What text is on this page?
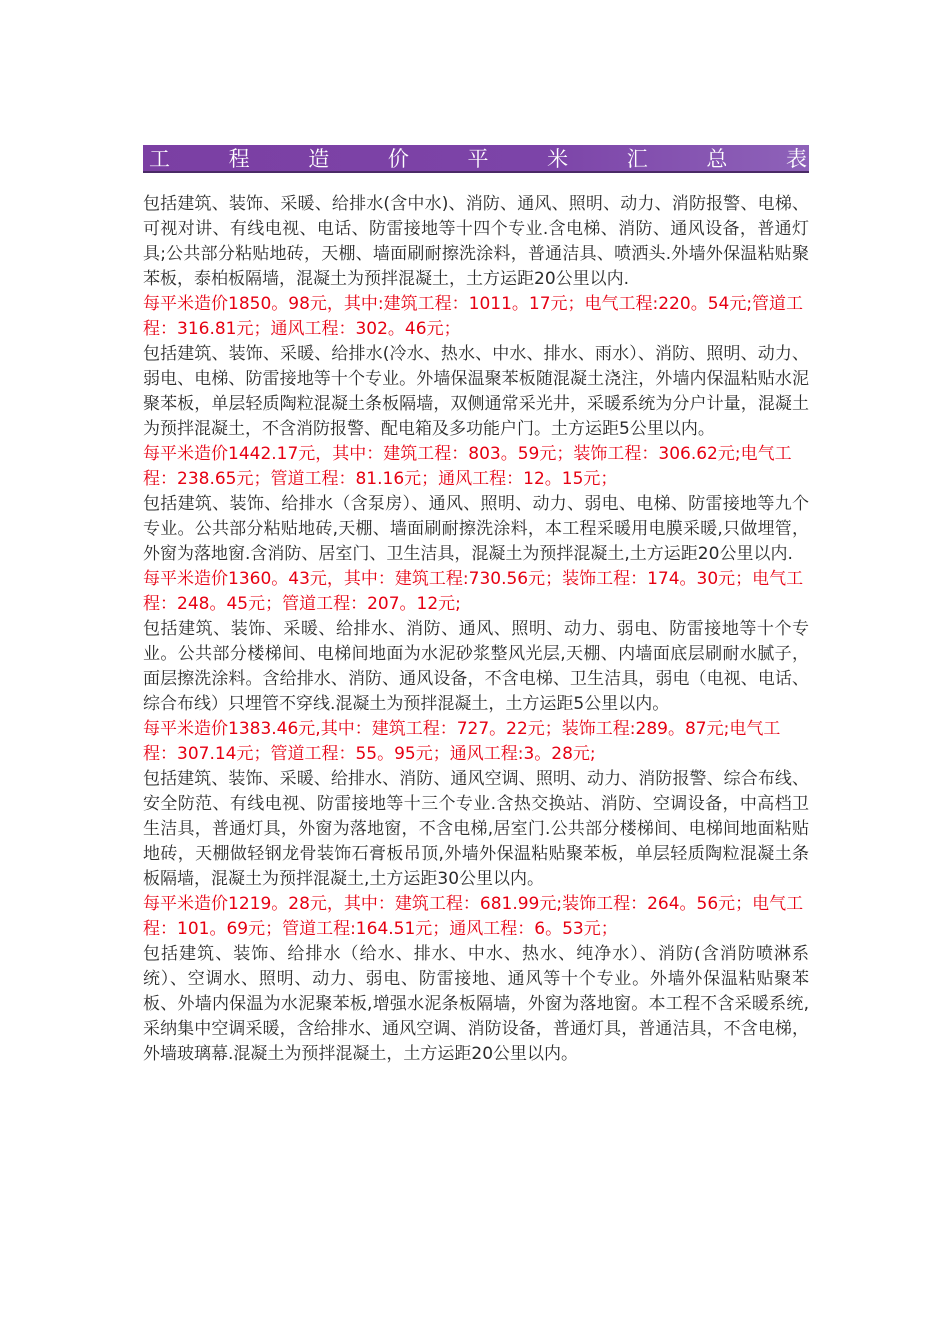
工	程	造	价	平	米	汇	总	表

包括建筑、装饰、采暖、给排水(含中水)、消防、通风、照明、动力、消防报警、电梯、可视对讲、有线电视、电话、防雷接地等十四个专业.含电梯、消防、通风设备，普通灯具;公共部分粘贴地砖，天棚、墙面刷耐擦洗涂料，普通洁具、喷洒头.外墙外保温粘贴聚苯板，泰柏板隔墙，混凝土为预拌混凝土，土方运距20公里以内.

每平米造价1850。98元，其中:建筑工程：1011。17元；电气工程:220。54元;管道工程：316.81元；通风工程：302。46元；

包括建筑、装饰、采暖、给排水(冷水、热水、中水、排水、雨水）、消防、照明、动力、弱电、电梯、防雷接地等十个专业。外墙保温聚苯板随混凝土浇注，外墙内保温粘贴水泥聚苯板，单层轻质陶粒混凝土条板隔墙，双侧通常采光井，采暖系统为分户计量，混凝土为预拌混凝土，不含消防报警、配电箱及多功能户门。土方运距5公里以内。

每平米造价1442.17元，其中：建筑工程：803。59元；装饰工程：306.62元;电气工程：238.65元；管道工程：81.16元；通风工程：12。15元；

包括建筑、装饰、给排水（含泵房）、通风、照明、动力、弱电、电梯、防雷接地等九个专业。公共部分粘贴地砖,天棚、墙面刷耐擦洗涂料，本工程采暖用电膜采暖,只做埋管，外窗为落地窗.含消防、居室门、卫生洁具，混凝土为预拌混凝土,土方运距20公里以内.

每平米造价1360。43元，其中：建筑工程:730.56元；装饰工程：174。30元；电气工程：248。45元；管道工程：207。12元;

包括建筑、装饰、采暖、给排水、消防、通风、照明、动力、弱电、防雷接地等十个专业。公共部分楼梯间、电梯间地面为水泥砂浆整风光层,天棚、内墙面底层刷耐水腻子，面层擦洗涂料。含给排水、消防、通风设备，不含电梯、卫生洁具，弱电（电视、电话、综合布线）只埋管不穿线.混凝土为预拌混凝土，土方运距5公里以内。

每平米造价1383.46元,其中：建筑工程：727。22元；装饰工程:289。87元;电气工程：307.14元；管道工程：55。95元；通风工程:3。28元;

包括建筑、装饰、采暖、给排水、消防、通风空调、照明、动力、消防报警、综合布线、安全防范、有线电视、防雷接地等十三个专业.含热交换站、消防、空调设备，中高档卫生洁具，普通灯具，外窗为落地窗，不含电梯,居室门.公共部分楼梯间、电梯间地面粘贴地砖，天棚做轻钢龙骨装饰石膏板吊顶,外墙外保温粘贴聚苯板，单层轻质陶粒混凝土条板隔墙，混凝土为预拌混凝土,土方运距30公里以内。

每平米造价1219。28元，其中：建筑工程：681.99元;装饰工程：264。56元；电气工程：101。69元；管道工程:164.51元；通风工程：6。53元；

包括建筑、装饰、给排水（给水、排水、中水、热水、纯净水）、消防(含消防喷淋系统）、空调水、照明、动力、弱电、防雷接地、通风等十个专业。外墙外保温粘贴聚苯板、外墙内保温为水泥聚苯板,增强水泥条板隔墙，外窗为落地窗。本工程不含采暖系统,采纳集中空调采暖，含给排水、通风空调、消防设备，普通灯具，普通洁具，不含电梯，外墙玻璃幕.混凝土为预拌混凝土，土方运距20公里以内。
